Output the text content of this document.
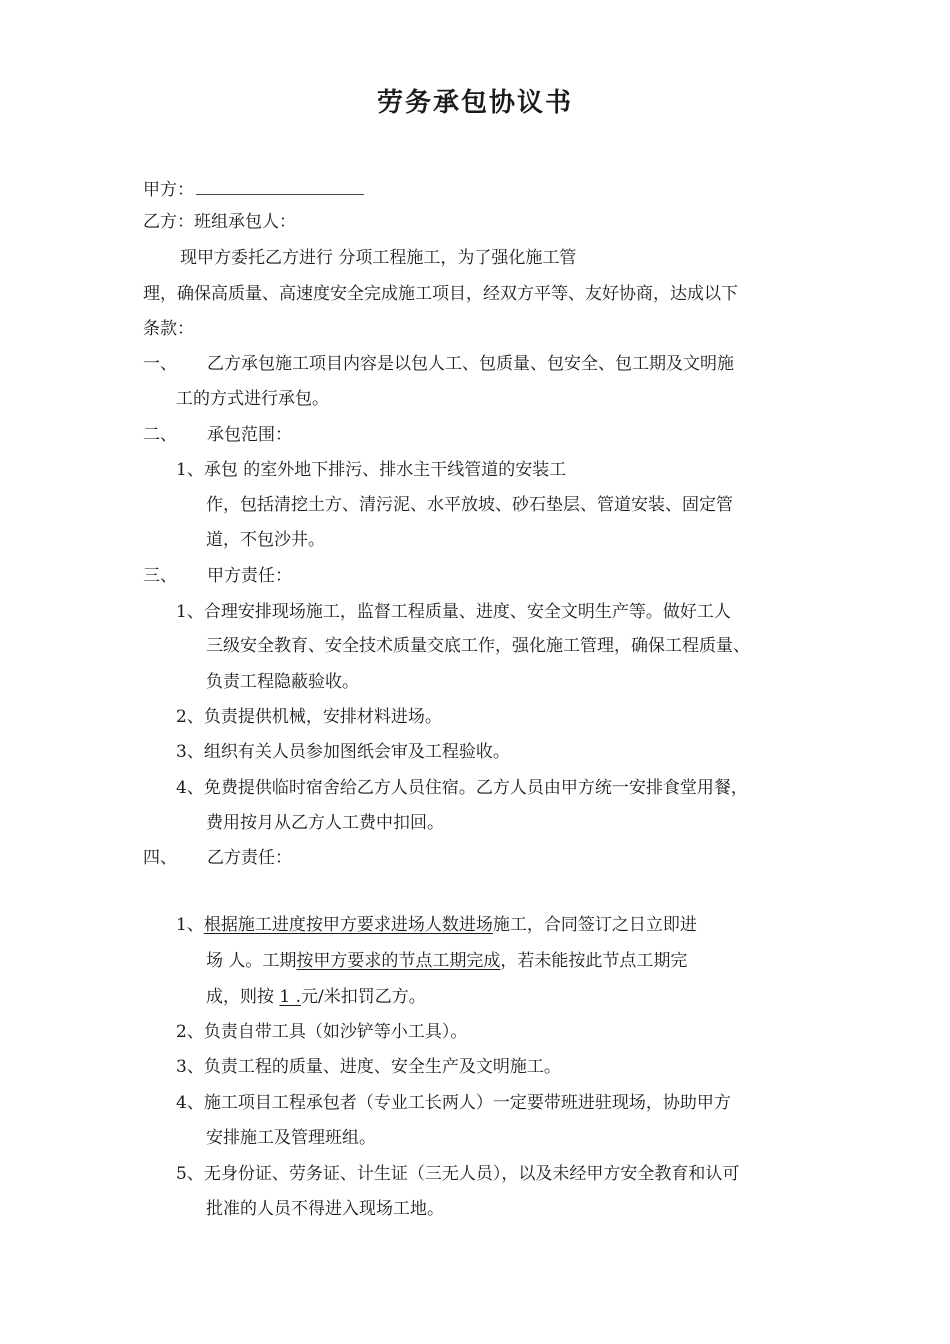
劳务承包协议书
甲方：
乙方：班组承包人：
现甲方委托乙方进行 分项工程施工，为了强化施工管
理，确保高质量、高速度安全完成施工项目，经双方平等、友好协商，达成以下
条款：
一、 乙方承包施工项目内容是以包人工、包质量、包安全、包工期及文明施
工的方式进行承包。
二、 承包范围：
1、承包 的室外地下排污、排水主干线管道的安装工
作，包括清挖土方、清污泥、水平放坡、砂石垫层、管道安装、固定管
道，不包沙井。
三、 甲方责任：
1、合理安排现场施工，监督工程质量、进度、安全文明生产等。做好工人
三级安全教育、安全技术质量交底工作，强化施工管理，确保工程质量、
负责工程隐蔽验收。
2、负责提供机械，安排材料进场。
3、组织有关人员参加图纸会审及工程验收。
4、免费提供临时宿舍给乙方人员住宿。乙方人员由甲方统一安排食堂用餐，
费用按月从乙方人工费中扣回。
四、 乙方责任：
1、根据施工进度按甲方要求进场人数进场施工，合同签订之日立即进
场 人。工期按甲方要求的节点工期完成，若未能按此节点工期完
成，则按 1 .元/米扣罚乙方。
2、负责自带工具（如沙铲等小工具）。
3、负责工程的质量、进度、安全生产及文明施工。
4、施工项目工程承包者（专业工长两人）一定要带班进驻现场，协助甲方
安排施工及管理班组。
5、无身份证、劳务证、计生证（三无人员），以及未经甲方安全教育和认可
批准的人员不得进入现场工地。
